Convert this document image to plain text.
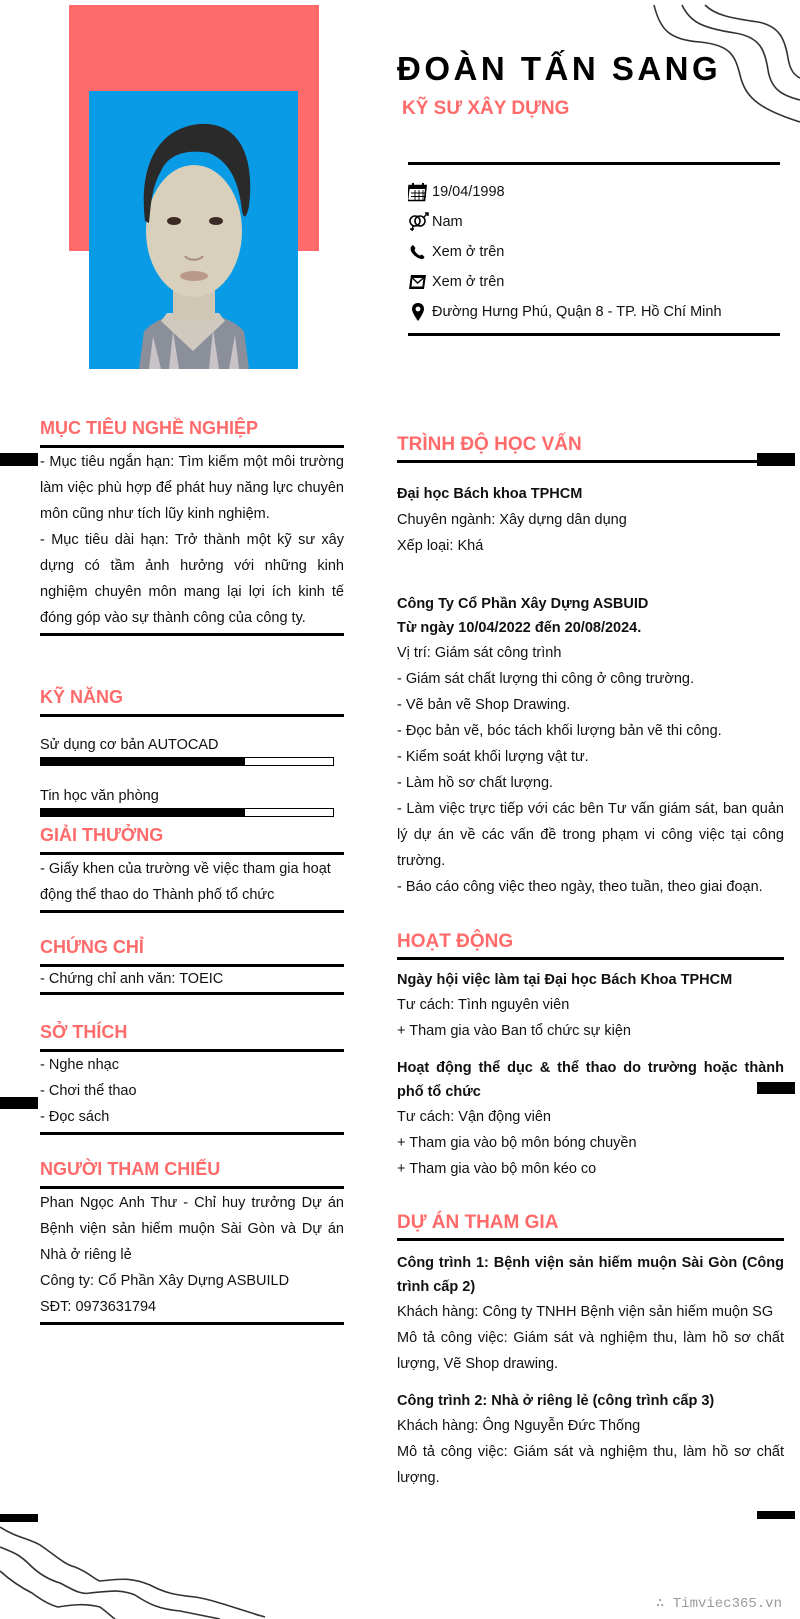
ĐOÀN TẤN SANG
KỸ SƯ XÂY DỰNG
19/04/1998
Nam
Xem ở trên
Xem ở trên
Đường Hưng Phú, Quận 8 - TP. Hồ Chí Minh
MỤC TIÊU NGHỀ NGHIỆP

- Mục tiêu ngắn hạn: Tìm kiếm một môi trường làm việc phù hợp để phát huy năng lực chuyên môn cũng như tích lũy kinh nghiệm.

- Mục tiêu dài hạn: Trở thành một kỹ sư xây dựng có tầm ảnh hưởng với những kinh nghiệm chuyên môn mang lại lợi ích kinh tế đóng góp vào sự thành công của công ty.

KỸ NĂNG
Sử dụng cơ bản AUTOCAD
Tin học văn phòng
GIẢI THƯỞNG

- Giấy khen của trường về việc tham gia hoạt động thể thao do Thành phố tổ chức

CHỨNG CHỈ
- Chứng chỉ anh văn: TOEIC
SỞ THÍCH
- Nghe nhạc
- Chơi thể thao
- Đọc sách
NGƯỜI THAM CHIẾU

Phan Ngọc Anh Thư - Chỉ huy trưởng Dự án Bệnh viện sản hiếm muộn Sài Gòn và Dự án Nhà ở riêng lẻ

Công ty: Cổ Phần Xây Dựng ASBUILD
SĐT: 0973631794
TRÌNH ĐỘ HỌC VẤN
Đại học Bách khoa TPHCM
Chuyên ngành: Xây dựng dân dụng
Xếp loại: Khá
Công Ty Cổ Phần Xây Dựng ASBUID
Từ ngày 10/04/2022 đến 20/08/2024.
Vị trí: Giám sát công trình
- Giám sát chất lượng thi công ở công trường.
- Vẽ bản vẽ Shop Drawing.
- Đọc bản vẽ, bóc tách khối lượng bản vẽ thi công.
- Kiểm soát khối lượng vật tư.
- Làm hồ sơ chất lượng.

- Làm việc trực tiếp với các bên Tư vấn giám sát, ban quản lý dự án về các vấn đề trong phạm vi công việc tại công trường.

- Báo cáo công việc theo ngày, theo tuần, theo giai đoạn.
HOẠT ĐỘNG
Ngày hội việc làm tại Đại học Bách Khoa TPHCM
Tư cách: Tình nguyên viên
+ Tham gia vào Ban tổ chức sự kiện

Hoạt động thể dục & thể thao do trường hoặc thành phố tổ chức

Tư cách: Vận động viên
+ Tham gia vào bộ môn bóng chuyền
+ Tham gia vào bộ môn kéo co
DỰ ÁN THAM GIA

Công trình 1: Bệnh viện sản hiếm muộn Sài Gòn (Công trình cấp 2)

Khách hàng: Công ty TNHH Bệnh viện sản hiếm muộn SG

Mô tả công việc: Giám sát và nghiệm thu, làm hồ sơ chất lượng, Vẽ Shop drawing.

Công trình 2: Nhà ở riêng lẻ (công trình cấp 3)
Khách hàng: Ông Nguyễn Đức Thống

Mô tả công việc: Giám sát và nghiệm thu, làm hồ sơ chất lượng.

∴ Timviec365.vn
